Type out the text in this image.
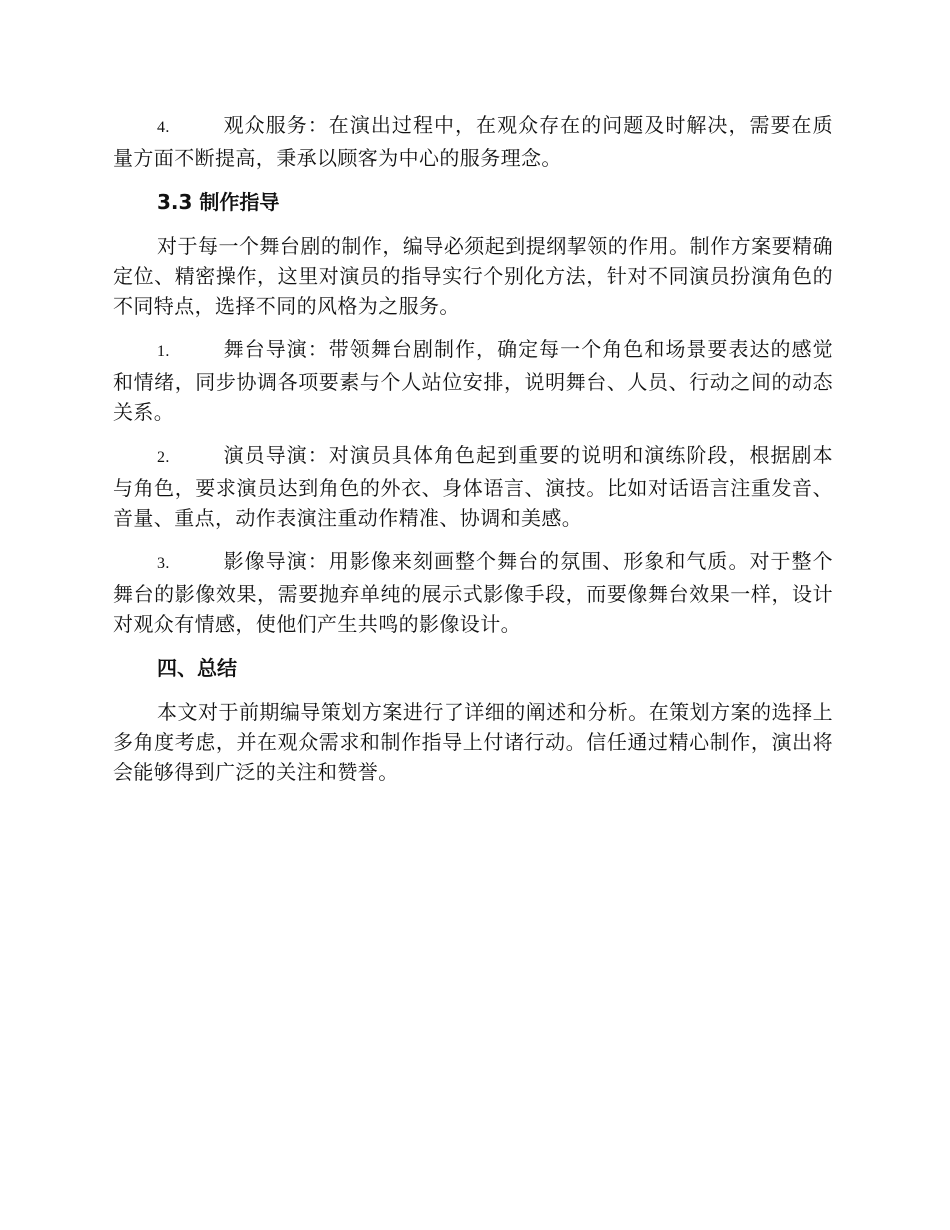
4.	观众服务：在演出过程中，在观众存在的问题及时解决，需要在质量方面不断提高，秉承以顾客为中心的服务理念。

3.3 制作指导

对于每一个舞台剧的制作，编导必须起到提纲挈领的作用。制作方案要精确定位、精密操作，这里对演员的指导实行个别化方法，针对不同演员扮演角色的不同特点，选择不同的风格为之服务。

1.	舞台导演：带领舞台剧制作，确定每一个角色和场景要表达的感觉和情绪，同步协调各项要素与个人站位安排，说明舞台、人员、行动之间的动态关系。

2.	演员导演：对演员具体角色起到重要的说明和演练阶段，根据剧本与角色，要求演员达到角色的外衣、身体语言、演技。比如对话语言注重发音、音量、重点，动作表演注重动作精准、协调和美感。

3.	影像导演：用影像来刻画整个舞台的氛围、形象和气质。对于整个舞台的影像效果，需要抛弃单纯的展示式影像手段，而要像舞台效果一样，设计对观众有情感，使他们产生共鸣的影像设计。

四、总结

本文对于前期编导策划方案进行了详细的阐述和分析。在策划方案的选择上多角度考虑，并在观众需求和制作指导上付诸行动。信任通过精心制作，演出将会能够得到广泛的关注和赞誉。
